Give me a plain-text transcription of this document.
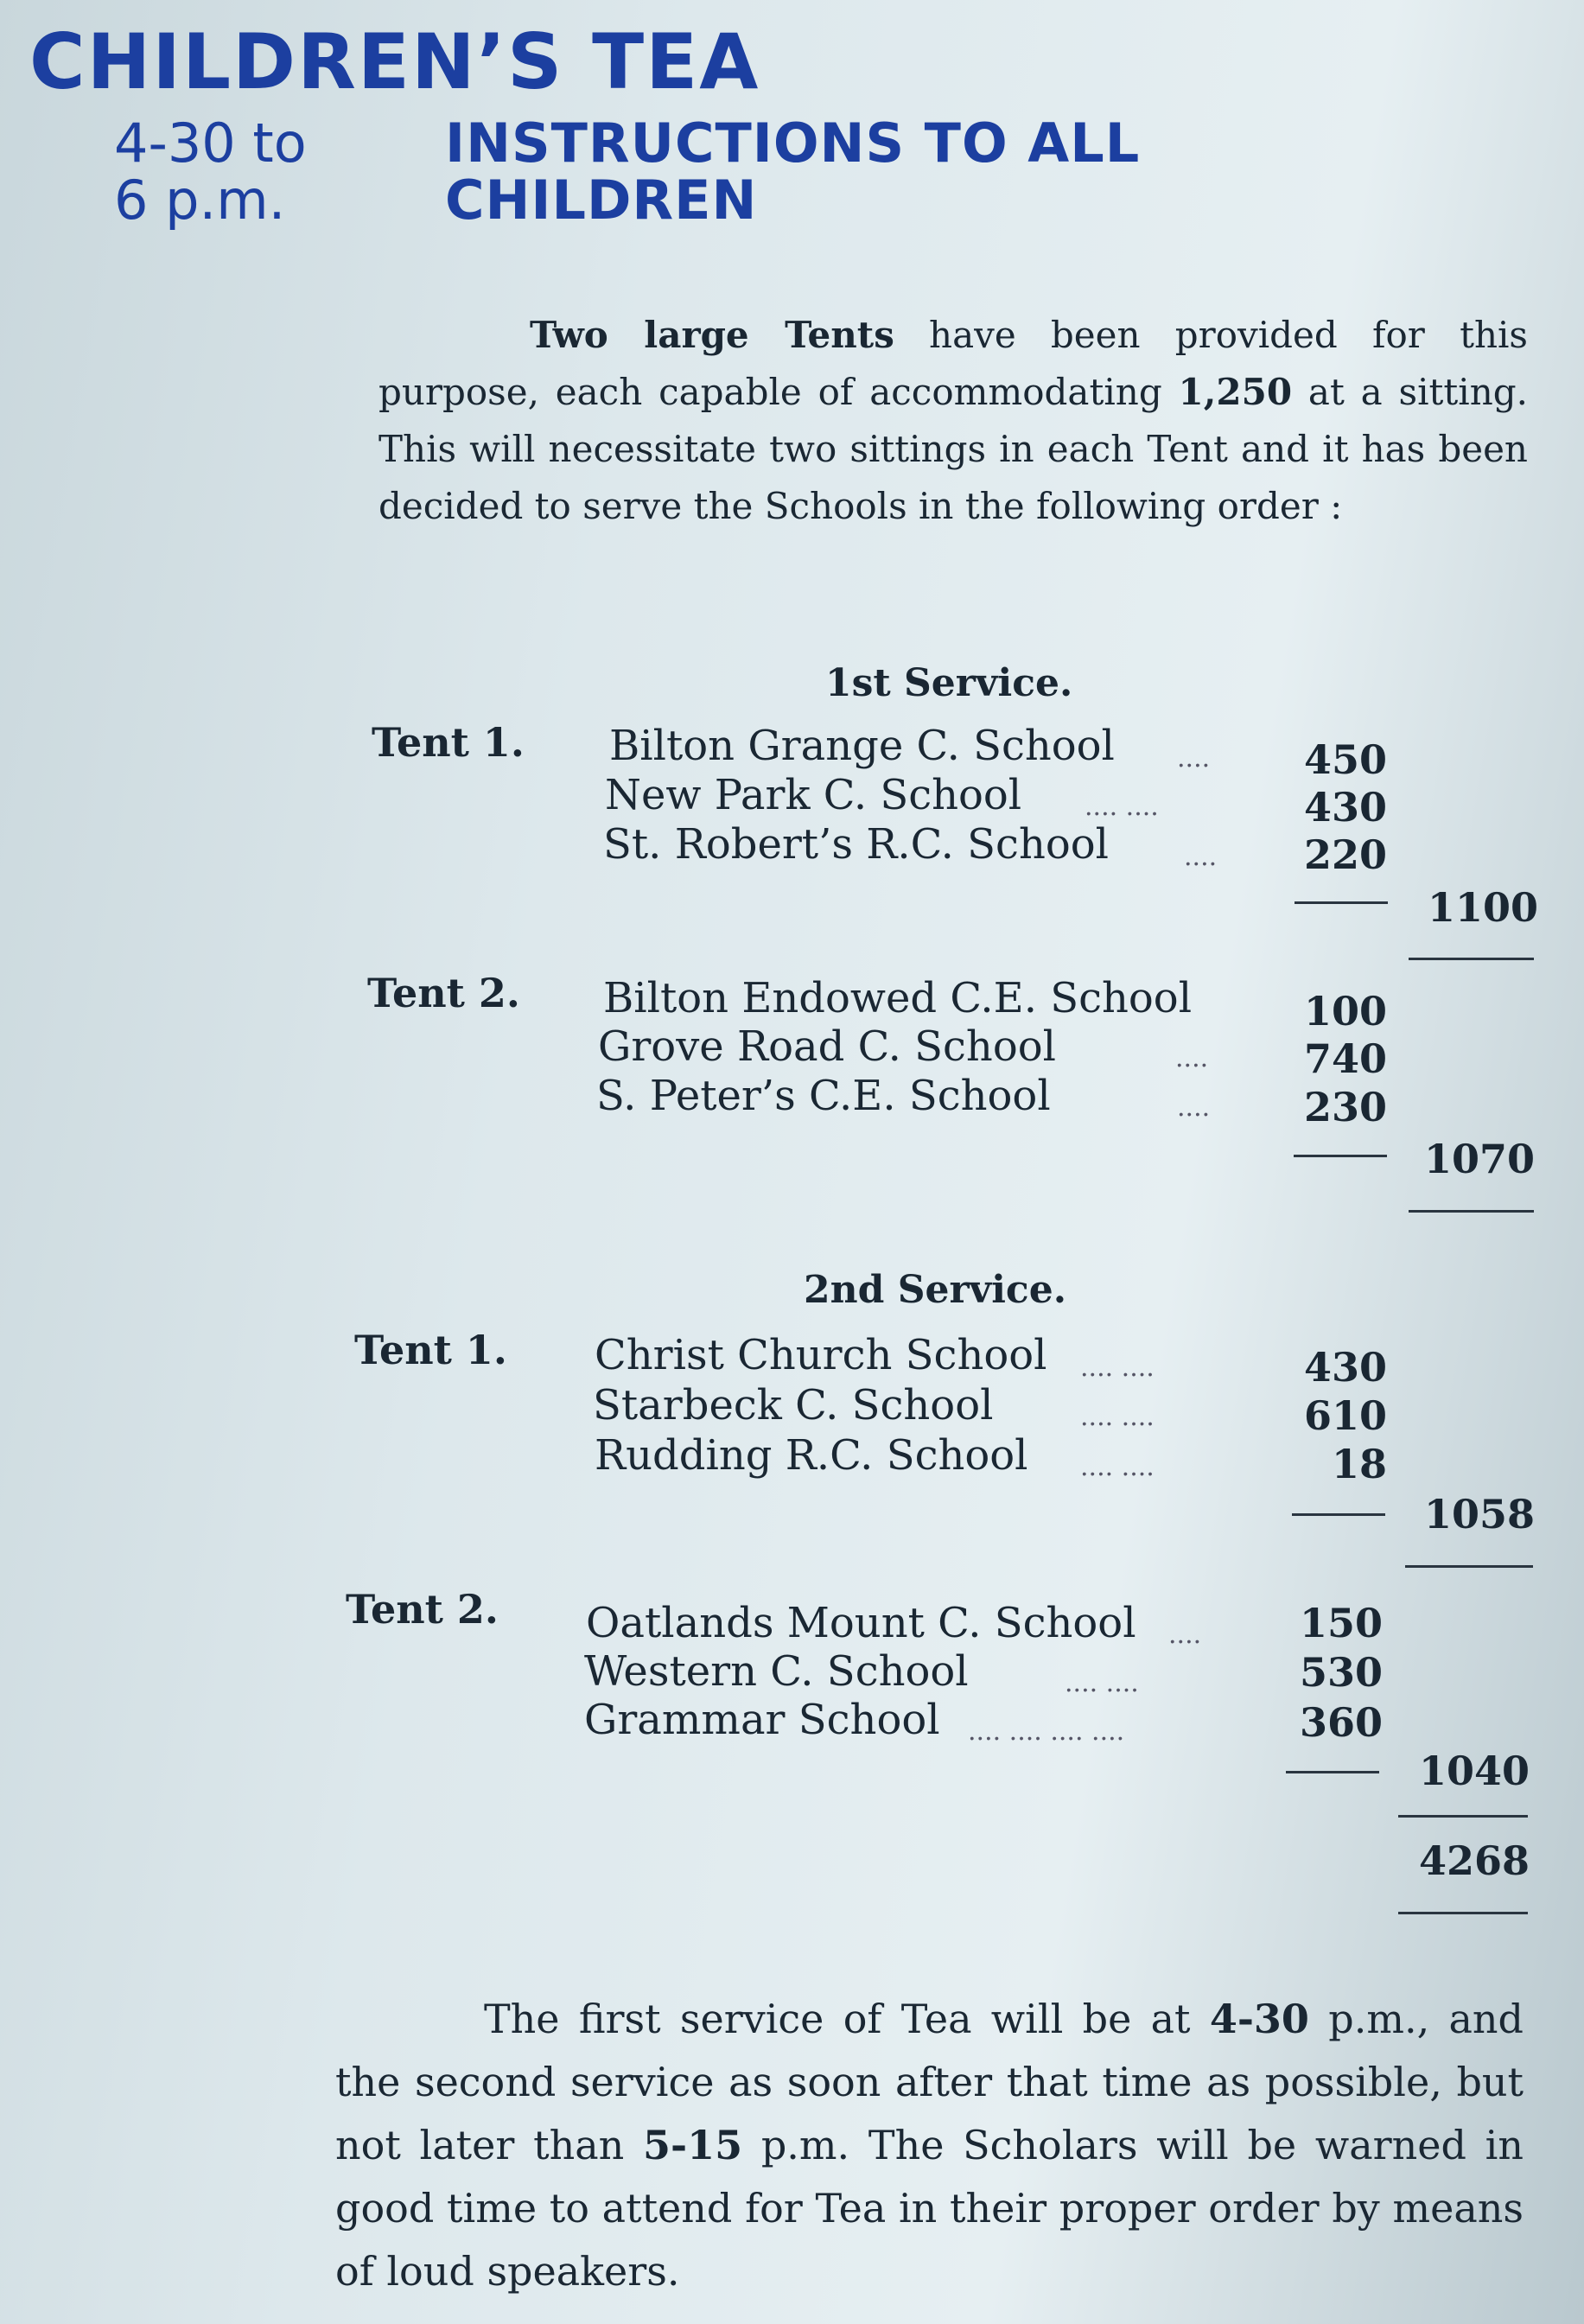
CHILDREN’S TEA
4-30 to
6 p.m.
INSTRUCTIONS TO ALL
CHILDREN
Two large Tents have been provided for this purpose, each capable of accommodating 1,250 at a sitting. This will necessitate two sittings in each Tent and it has been decided to serve the Schools in the following order :
1st Service.
Tent 1. Bilton Grange C. School ....	450
New Park C. School .... ....	430
St. Robert’s R.C. School	....	220
1100
Tent 2. Bilton Endowed C.E. School	100
Grove Road C. School	....	740
S. Peter’s C.E. School	....	230
1070
2nd Service.
Tent 1. Christ Church School .... ....	430
Starbeck C. School	.... ....	610
Rudding R.C. School .... ....	18
1058
Tent 2. Oatlands Mount C. School ....	150
Western C. School	.... ....	530
Grammar School .... .... .... ....	360
1040
4268
The first service of Tea will be at 4-30 p.m., and the second service as soon after that time as possible, but not later than 5-15 p.m. The Scholars will be warned in good time to attend for Tea in their proper order by means of loud speakers.
